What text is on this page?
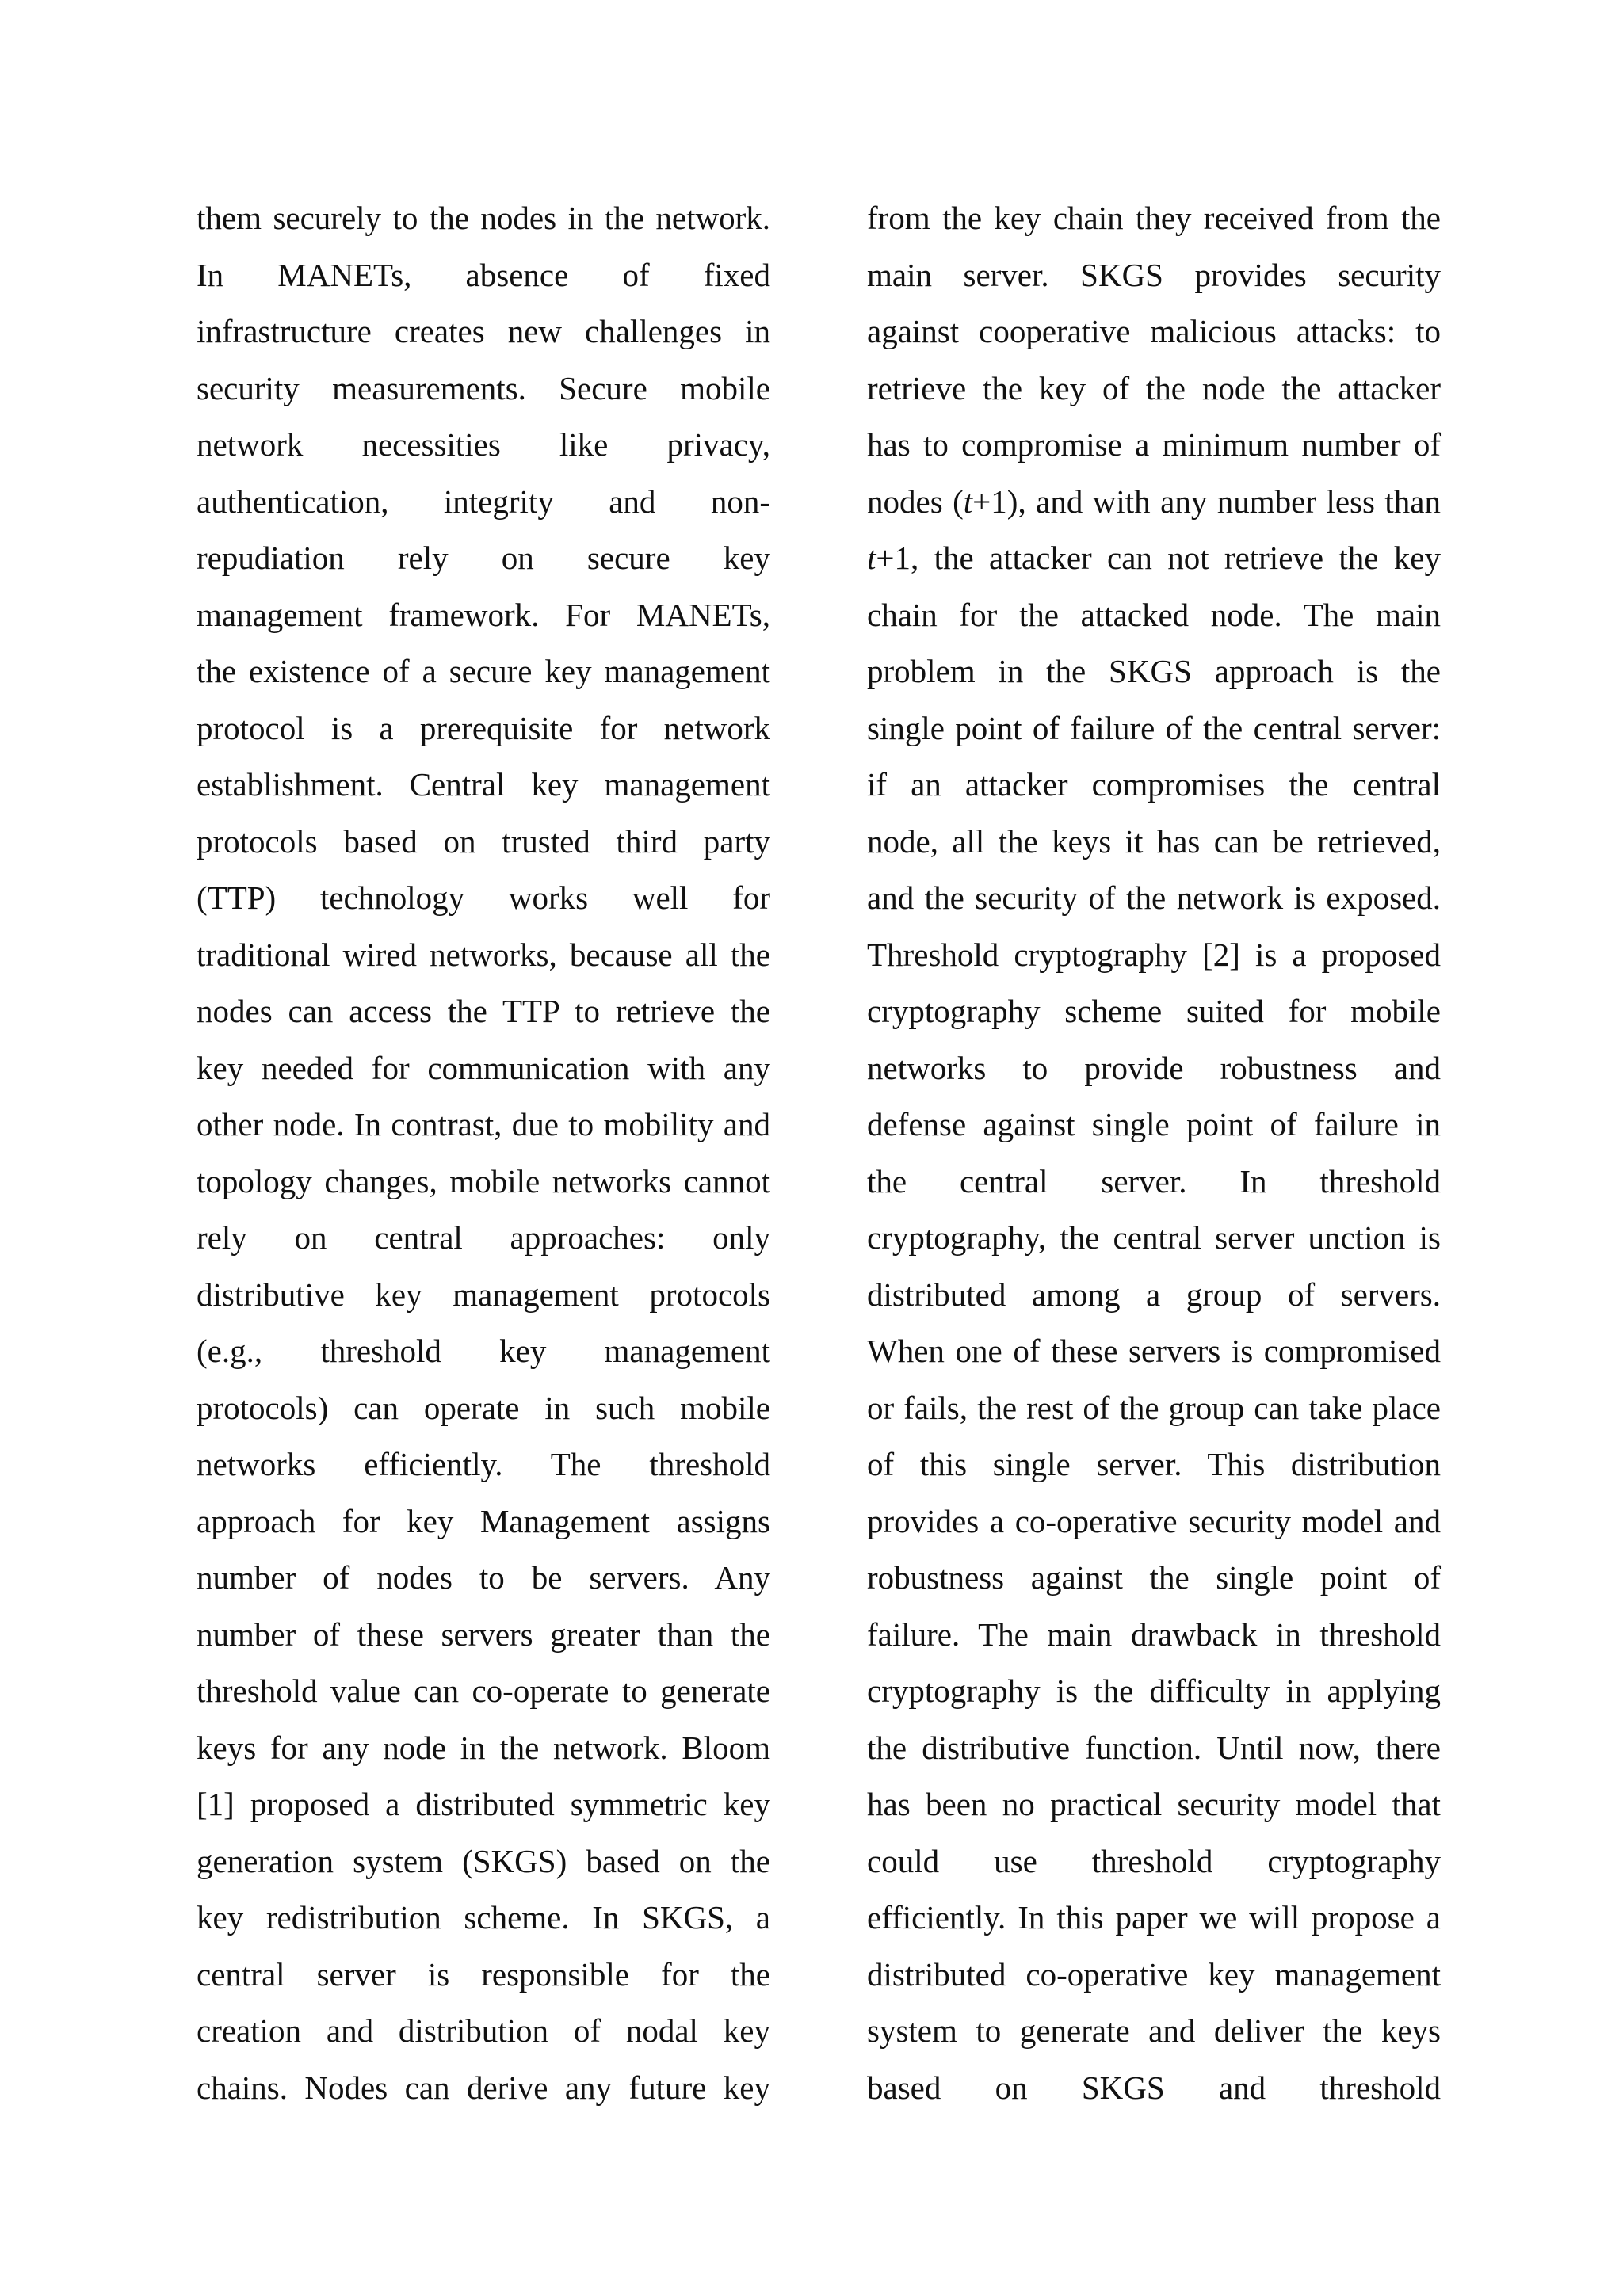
them securely to the nodes in the network.
In MANETs, absence of fixed
infrastructure creates new challenges in
security measurements. Secure mobile
network necessities like privacy,
authentication, integrity and non-
repudiation rely on secure key
management framework. For MANETs,
the existence of a secure key management
protocol is a prerequisite for network
establishment. Central key management
protocols based on trusted third party
(TTP) technology works well for
traditional wired networks, because all the
nodes can access the TTP to retrieve the
key needed for communication with any
other node. In contrast, due to mobility and
topology changes, mobile networks cannot
rely on central approaches: only
distributive key management protocols
(e.g., threshold key management
protocols) can operate in such mobile
networks efficiently. The threshold
approach for key Management assigns
number of nodes to be servers. Any
number of these servers greater than the
threshold value can co-operate to generate
keys for any node in the network. Bloom
[1] proposed a distributed symmetric key
generation system (SKGS) based on the
key redistribution scheme. In SKGS, a
central server is responsible for the
creation and distribution of nodal key
chains. Nodes can derive any future key
from the key chain they received from the
main server. SKGS provides security
against cooperative malicious attacks: to
retrieve the key of the node the attacker
has to compromise a minimum number of
nodes (t+1), and with any number less than
t+1, the attacker can not retrieve the key
chain for the attacked node. The main
problem in the SKGS approach is the
single point of failure of the central server:
if an attacker compromises the central
node, all the keys it has can be retrieved,
and the security of the network is exposed.
Threshold cryptography [2] is a proposed
cryptography scheme suited for mobile
networks to provide robustness and
defense against single point of failure in
the central server. In threshold
cryptography, the central server unction is
distributed among a group of servers.
When one of these servers is compromised
or fails, the rest of the group can take place
of this single server. This distribution
provides a co-operative security model and
robustness against the single point of
failure. The main drawback in threshold
cryptography is the difficulty in applying
the distributive function. Until now, there
has been no practical security model that
could use threshold cryptography
efficiently. In this paper we will propose a
distributed co-operative key management
system to generate and deliver the keys
based on SKGS and threshold
